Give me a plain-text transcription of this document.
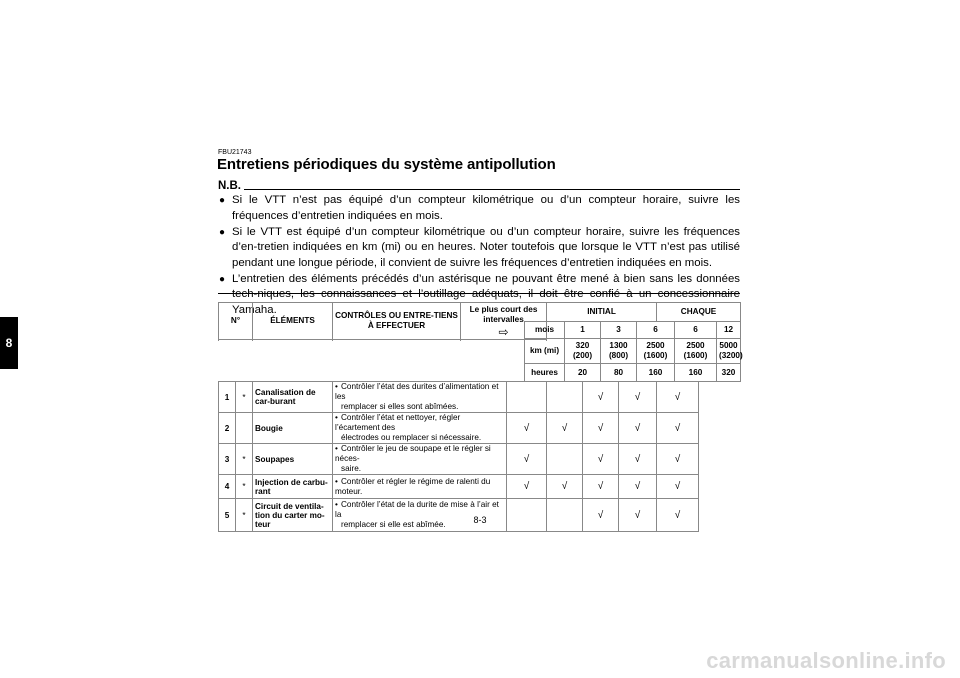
8
FBU21743
Entretiens périodiques du système antipollution
N.B.
● Si le VTT n’est pas équipé d’un compteur kilométrique ou d’un compteur horaire, suivre les fréquences d’entretien indiquées en mois.
● Si le VTT est équipé d’un compteur kilométrique ou d’un compteur horaire, suivre les fréquences d’en-tretien indiquées en km (mi) ou en heures. Noter toutefois que lorsque le VTT n’est pas utilisé pendant une longue période, il convient de suivre les fréquences d’entretien indiquées en mois.
● L’entretien des éléments précédés d’un astérisque ne pouvant être mené à bien sans les données tech-niques, les connaissances et l’outillage adéquats, il doit être confié à un concessionnaire Yamaha.
N°	ÉLÉMENTS	CONTRÔLES OU ENTRE-TIENS À EFFECTUER	Le plus court des intervalles
⇨
	INITIAL	CHAQUE

mois	1	3	6	6	12
km (mi)	320 (200)	1300 (800)	2500 (1600)	2500 (1600)	5000 (3200)
heures	20	80	160	160	320
1	*	Canalisation de car-burant	• Contrôler l’état des durites d’alimentation et les
remplacer si elles sont abîmées.			√	√	√
2		Bougie	• Contrôler l’état et nettoyer, régler l’écartement des
électrodes ou remplacer si nécessaire.	√	√	√	√	√
3	*	Soupapes	• Contrôler le jeu de soupape et le régler si néces-
saire.	√		√	√	√
4	*	Injection de carbu-rant	• Contrôler et régler le régime de ralenti du moteur.	√	√	√	√	√
5	*	Circuit de ventila-tion du carter mo-teur	• Contrôler l’état de la durite de mise à l’air et la
remplacer si elle est abîmée.			√	√	√
8-3
carmanualsonline.info
